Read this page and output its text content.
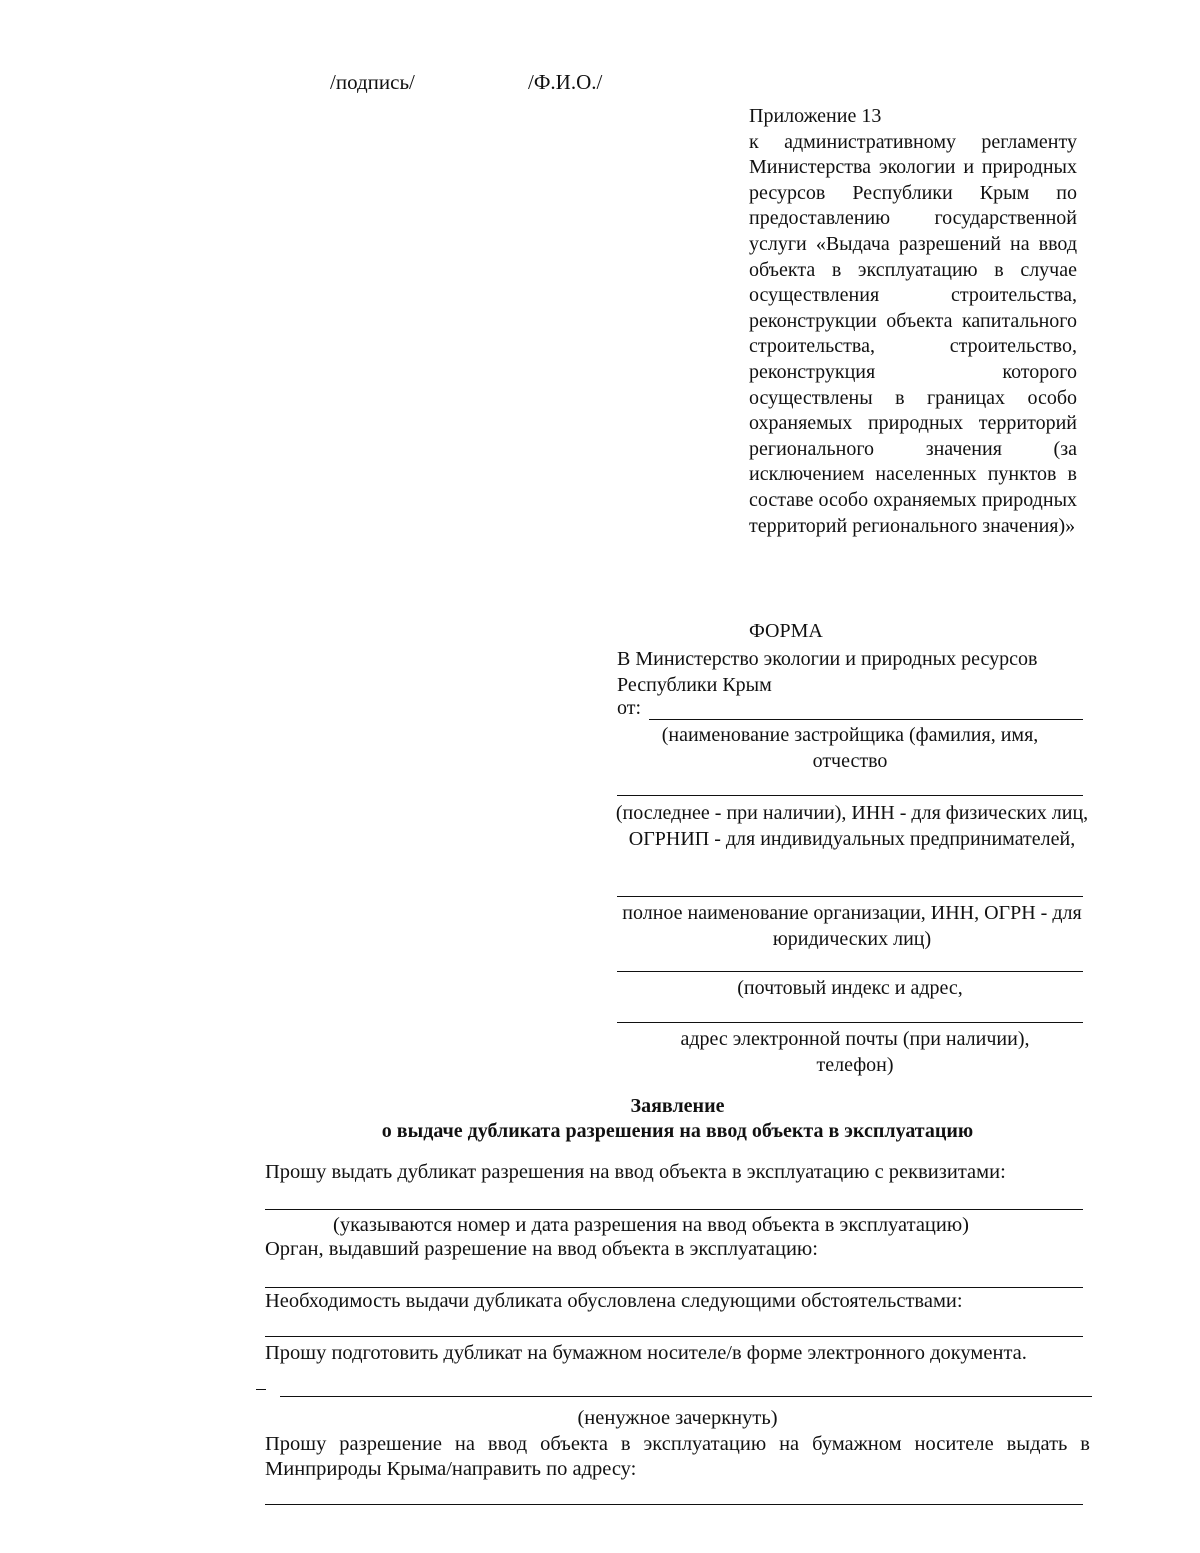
/подпись/	/Ф.И.О./
Приложение 13
к административному регламенту Министерства экологии и природных ресурсов Республики Крым по предоставлению государственной услуги «Выдача разрешений на ввод объекта в эксплуатацию в случае осуществления строительства, реконструкции объекта капитального строительства, строительство, реконструкция которого осуществлены в границах особо охраняемых природных территорий регионального значения (за исключением населенных пунктов в составе особо охраняемых природных территорий регионального значения)»
ФОРМА
В Министерство экологии и природных ресурсов Республики Крым
от:
(наименование застройщика (фамилия, имя, отчество
(последнее - при наличии), ИНН - для физических лиц, ОГРНИП - для индивидуальных предпринимателей,
полное наименование организации, ИНН, ОГРН - для юридических лиц)
(почтовый индекс и адрес,
адрес электронной почты (при наличии), телефон)
Заявление
о выдаче дубликата разрешения на ввод объекта в эксплуатацию
Прошу выдать дубликат разрешения на ввод объекта в эксплуатацию с реквизитами:
(указываются номер и дата разрешения на ввод объекта в эксплуатацию)
Орган, выдавший разрешение на ввод объекта в эксплуатацию:
Необходимость выдачи дубликата обусловлена следующими обстоятельствами:
Прошу подготовить дубликат на бумажном носителе/в форме электронного документа.
(ненужное зачеркнуть)
Прошу разрешение на ввод объекта в эксплуатацию на бумажном носителе выдать в Минприроды Крыма/направить по адресу:
